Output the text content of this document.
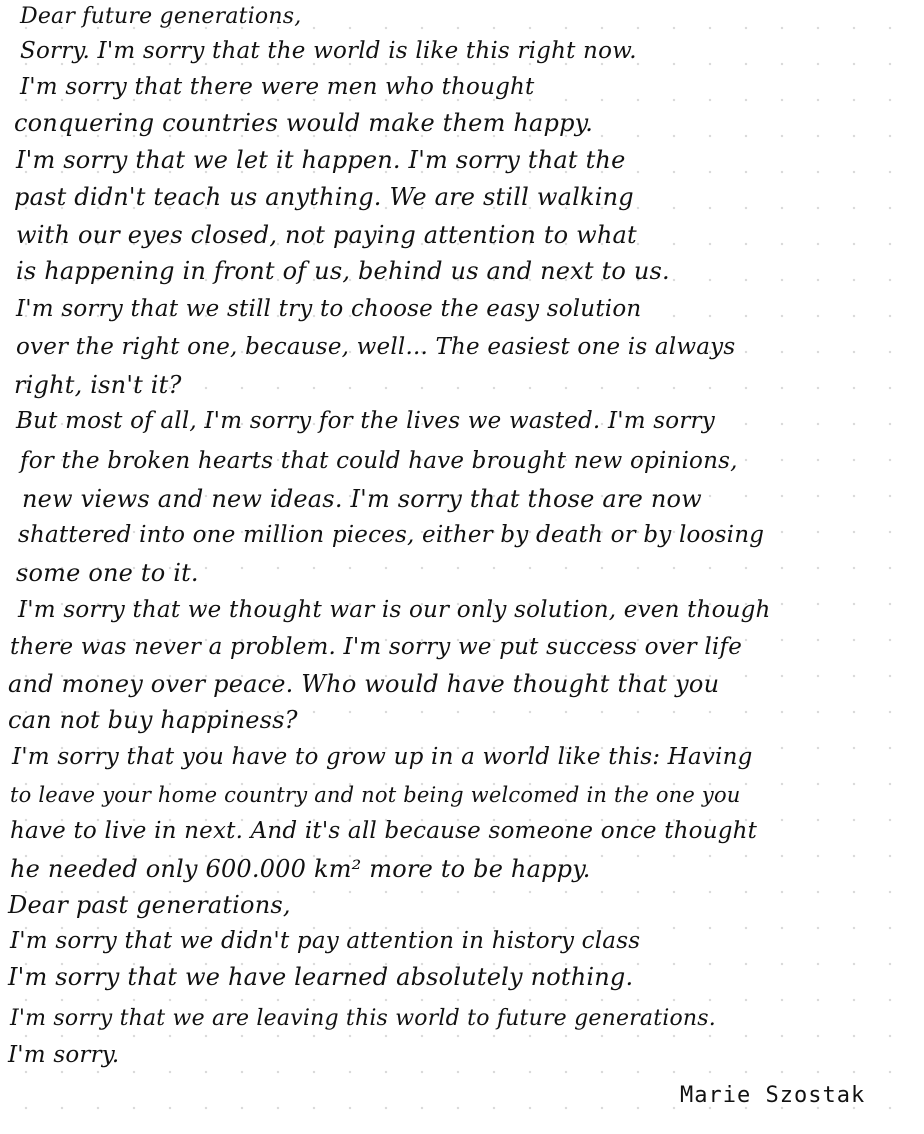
Dear future generations,
Sorry. I'm sorry that the world is like this right now.
I'm sorry that there were men who thought
conquering countries would make them happy.
I'm sorry that we let it happen. I'm sorry that the
past didn't teach us anything. We are still walking
with our eyes closed, not paying attention to what
is happening in front of us, behind us and next to us.
I'm sorry that we still try to choose the easy solution
over the right one, because, well... The easiest one is always
right, isn't it?
But most of all, I'm sorry for the lives we wasted. I'm sorry
for the broken hearts that could have brought new opinions,
new views and new ideas. I'm sorry that those are now
shattered into one million pieces, either by death or by loosing
some one to it.
I'm sorry that we thought war is our only solution, even though
there was never a problem. I'm sorry we put success over life
and money over peace. Who would have thought that you
can not buy happiness?
I'm sorry that you have to grow up in a world like this: Having
to leave your home country and not being welcomed in the one you
have to live in next. And it's all because someone once thought
he needed only 600.000 km² more to be happy.
Dear past generations,
I'm sorry that we didn't pay attention in history class
I'm sorry that we have learned absolutely nothing.
I'm sorry that we are leaving this world to future generations.
I'm sorry.
Marie Szostak
